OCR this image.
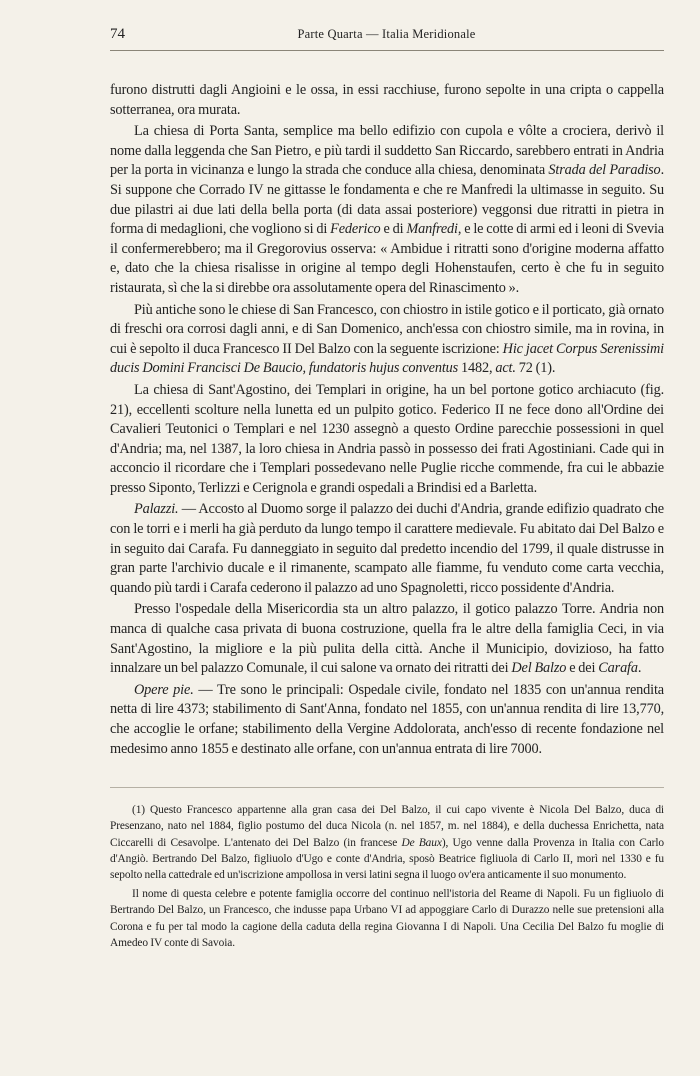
74	Parte Quarta — Italia Meridionale

furono distrutti dagli Angioini e le ossa, in essi racchiuse, furono sepolte in una cripta o cappella sotterranea, ora murata.

La chiesa di Porta Santa, semplice ma bello edifizio con cupola e vôlte a crociera, derivò il nome dalla leggenda che San Pietro, e più tardi il suddetto San Riccardo, sarebbero entrati in Andria per la porta in vicinanza e lungo la strada che conduce alla chiesa, denominata Strada del Paradiso. Si suppone che Corrado IV ne gittasse le fondamenta e che re Manfredi la ultimasse in seguito. Su due pilastri ai due lati della bella porta (di data assai posteriore) veggonsi due ritratti in pietra in forma di medaglioni, che vogliono si di Federico e di Manfredi, e le cotte di armi ed i leoni di Svevia il confermerebbero; ma il Gregorovius osserva: « Ambidue i ritratti sono d'origine moderna affatto e, dato che la chiesa risalisse in origine al tempo degli Hohenstaufen, certo è che fu in seguito ristaurata, sì che la si direbbe ora assolutamente opera del Rinascimento ».

Più antiche sono le chiese di San Francesco, con chiostro in istile gotico e il porticato, già ornato di freschi ora corrosi dagli anni, e di San Domenico, anch'essa con chiostro simile, ma in rovina, in cui è sepolto il duca Francesco II Del Balzo con la seguente iscrizione: Hic jacet Corpus Serenissimi ducis Domini Francisci De Baucio, fundatoris hujus conventus 1482, act. 72 (1).

La chiesa di Sant'Agostino, dei Templari in origine, ha un bel portone gotico archiacuto (fig. 21), eccellenti scolture nella lunetta ed un pulpito gotico. Federico II ne fece dono all'Ordine dei Cavalieri Teutonici o Templari e nel 1230 assegnò a questo Ordine parecchie possessioni in quel d'Andria; ma, nel 1387, la loro chiesa in Andria passò in possesso dei frati Agostiniani. Cade qui in acconcio il ricordare che i Templari possedevano nelle Puglie ricche commende, fra cui le abbazie presso Siponto, Terlizzi e Cerignola e grandi ospedali a Brindisi ed a Barletta.

Palazzi. — Accosto al Duomo sorge il palazzo dei duchi d'Andria, grande edifizio quadrato che con le torri e i merli ha già perduto da lungo tempo il carattere medievale. Fu abitato dai Del Balzo e in seguito dai Carafa. Fu danneggiato in seguito dal predetto incendio del 1799, il quale distrusse in gran parte l'archivio ducale e il rimanente, scampato alle fiamme, fu venduto come carta vecchia, quando più tardi i Carafa cederono il palazzo ad uno Spagnoletti, ricco possidente d'Andria.

Presso l'ospedale della Misericordia sta un altro palazzo, il gotico palazzo Torre. Andria non manca di qualche casa privata di buona costruzione, quella fra le altre della famiglia Ceci, in via Sant'Agostino, la migliore e la più pulita della città. Anche il Municipio, dovizioso, ha fatto innalzare un bel palazzo Comunale, il cui salone va ornato dei ritratti dei Del Balzo e dei Carafa.

Opere pie. — Tre sono le principali: Ospedale civile, fondato nel 1835 con un'annua rendita netta di lire 4373; stabilimento di Sant'Anna, fondato nel 1855, con un'annua rendita di lire 13,770, che accoglie le orfane; stabilimento della Vergine Addolorata, anch'esso di recente fondazione nel medesimo anno 1855 e destinato alle orfane, con un'annua entrata di lire 7000.

(1) Questo Francesco appartenne alla gran casa dei Del Balzo, il cui capo vivente è Nicola Del Balzo, duca di Presenzano, nato nel 1884, figlio postumo del duca Nicola (n. nel 1857, m. nel 1884), e della duchessa Enrichetta, nata Ciccarelli di Cesavolpe. L'antenato dei Del Balzo (in francese De Baux), Ugo venne dalla Provenza in Italia con Carlo d'Angiò. Bertrando Del Balzo, figliuolo d'Ugo e conte d'Andria, sposò Beatrice figliuola di Carlo II, morì nel 1330 e fu sepolto nella cattedrale ed un'iscrizione ampollosa in versi latini segna il luogo ov'era anticamente il suo monumento.

Il nome di questa celebre e potente famiglia occorre del continuo nell'istoria del Reame di Napoli. Fu un figliuolo di Bertrando Del Balzo, un Francesco, che indusse papa Urbano VI ad appoggiare Carlo di Durazzo nelle sue pretensioni alla Corona e fu per tal modo la cagione della caduta della regina Giovanna I di Napoli. Una Cecilia Del Balzo fu moglie di Amedeo IV conte di Savoia.
